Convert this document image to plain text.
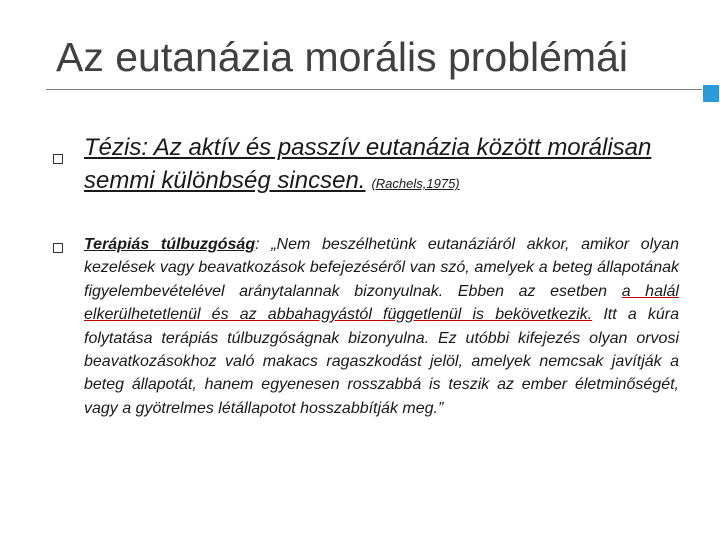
Az eutanázia morális problémái
Tézis: Az aktív és passzív eutanázia között morálisan semmi különbség sincsen. (Rachels,1975)
Terápiás túlbuzgóság: „Nem beszélhetünk eutanáziáról akkor, amikor olyan kezelések vagy beavatkozások befejezéséről van szó, amelyek a beteg állapotának figyelembevételével aránytalannak bizonyulnak. Ebben az esetben a halál elkerülhetetlenül és az abbahagyástól függetlenül is bekövetkezik. Itt a kúra folytatása terápiás túlbuzgóságnak bizonyulna. Ez utóbbi kifejezés olyan orvosi beavatkozásokhoz való makacs ragaszkodást jelöl, amelyek nemcsak javítják a beteg állapotát, hanem egyenesen rosszabbá is teszik az ember életminőségét, vagy a gyötrelmes létállapotot hosszabbítják meg.”
